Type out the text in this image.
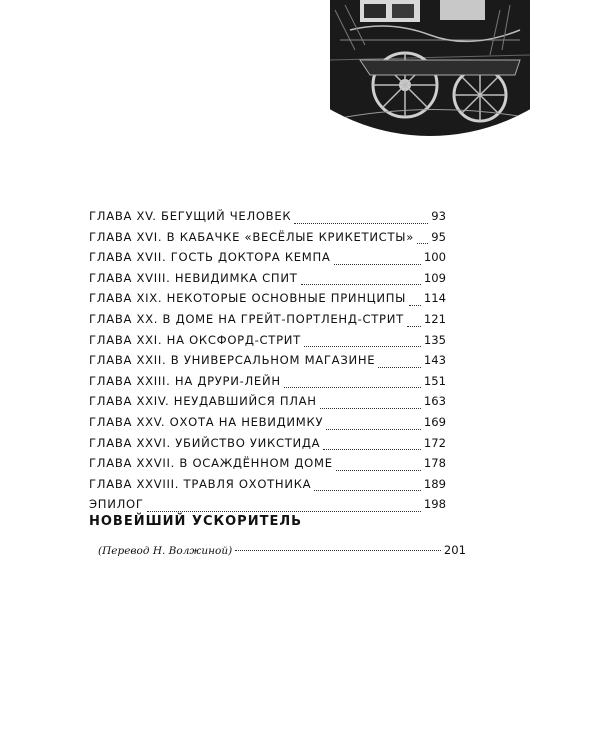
ГЛАВА XV. БЕГУЩИЙ ЧЕЛОВЕК	93
ГЛАВА XVI. В КАБАЧКЕ «ВЕСЁЛЫЕ КРИКЕТИСТЫ» 95
ГЛАВА XVII. ГОСТЬ ДОКТОРА КЕМПА	100
ГЛАВА XVIII. НЕВИДИМКА СПИТ	109
ГЛАВА XIX. НЕКОТОРЫЕ ОСНОВНЫЕ ПРИНЦИПЫ 114
ГЛАВА XX. В ДОМЕ НА ГРЕЙТ-ПОРТЛЕНД-СТРИТ 121
ГЛАВА XXI. НА ОКСФОРД-СТРИТ	135
ГЛАВА XXII. В УНИВЕРСАЛЬНОМ МАГАЗИНЕ	143
ГЛАВА XXIII. НА ДРУРИ-ЛЕЙН	151
ГЛАВА XXIV. НЕУДАВШИЙСЯ ПЛАН	163
ГЛАВА XXV. ОХОТА НА НЕВИДИМКУ	169
ГЛАВА XXVI. УБИЙСТВО УИКСТИДА	172
ГЛАВА XXVII. В ОСАЖДЁННОМ ДОМЕ	178
ГЛАВА XXVIII. ТРАВЛЯ ОХОТНИКА	189
ЭПИЛОГ	198
НОВЕЙШИЙ УСКОРИТЕЛЬ
(Перевод Н. Волжиной)	201
